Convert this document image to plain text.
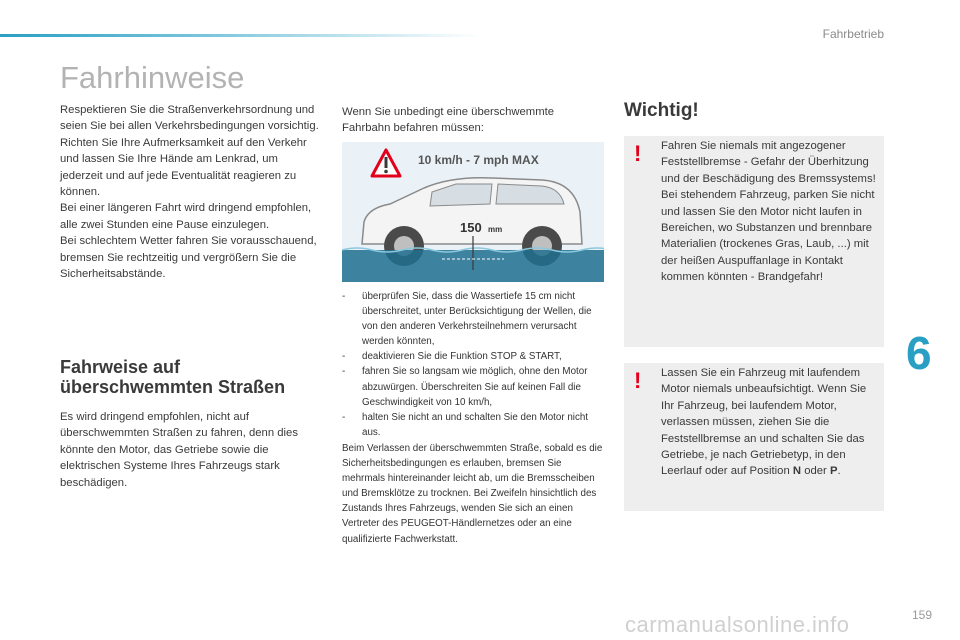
Fahrbetrieb
6
159
carmanualsonline.info
Fahrhinweise

Respektieren Sie die Straßenverkehrsordnung und seien Sie bei allen Verkehrsbedingungen vorsichtig.

Richten Sie Ihre Aufmerksamkeit auf den Verkehr und lassen Sie Ihre Hände am Lenkrad, um jederzeit und auf jede Eventualität reagieren zu können.

Bei einer längeren Fahrt wird dringend empfohlen, alle zwei Stunden eine Pause einzulegen.

Bei schlechtem Wetter fahren Sie vorausschauend, bremsen Sie rechtzeitig und vergrößern Sie die Sicherheitsabstände.

Fahrweise auf
überschwemmten Straßen
Es wird dringend empfohlen, nicht auf überschwemmten Straßen zu fahren, denn dies könnte den Motor, das Getriebe sowie die elektrischen Systeme Ihres Fahrzeugs stark beschädigen.
Wenn Sie unbedingt eine überschwemmte Fahrbahn befahren müssen:
10 km/h - 7 mph MAX
150 mm
- überprüfen Sie, dass die Wassertiefe 15 cm nicht überschreitet, unter Berücksichtigung der Wellen, die von den anderen Verkehrsteilnehmern verursacht werden könnten,
- deaktivieren Sie die Funktion STOP & START,
- fahren Sie so langsam wie möglich, ohne den Motor abzuwürgen. Überschreiten Sie auf keinen Fall die Geschwindigkeit von 10 km/h,
- halten Sie nicht an und schalten Sie den Motor nicht aus.

Beim Verlassen der überschwemmten Straße, sobald es die Sicherheitsbedingungen es erlauben, bremsen Sie mehrmals hintereinander leicht ab, um die Bremsscheiben und Bremsklötze zu trocknen. Bei Zweifeln hinsichtlich des Zustands Ihres Fahrzeugs, wenden Sie sich an einen Vertreter des PEUGEOT-Händlernetzes oder an eine qualifizierte Fachwerkstatt.

Wichtig!
! Fahren Sie niemals mit angezogener Feststellbremse - Gefahr der Überhitzung und der Beschädigung des Bremssystems!

Bei stehendem Fahrzeug, parken Sie nicht und lassen Sie den Motor nicht laufen in Bereichen, wo Substanzen und brennbare Materialien (trockenes Gras, Laub, ...) mit der heißen Auspuffanlage in Kontakt kommen könnten - Brandgefahr!

! Lassen Sie ein Fahrzeug mit laufendem Motor niemals unbeaufsichtigt. Wenn Sie Ihr Fahrzeug, bei laufendem Motor, verlassen müssen, ziehen Sie die Feststellbremse an und schalten Sie das Getriebe, je nach Getriebetyp, in den Leerlauf oder auf Position N oder P.
